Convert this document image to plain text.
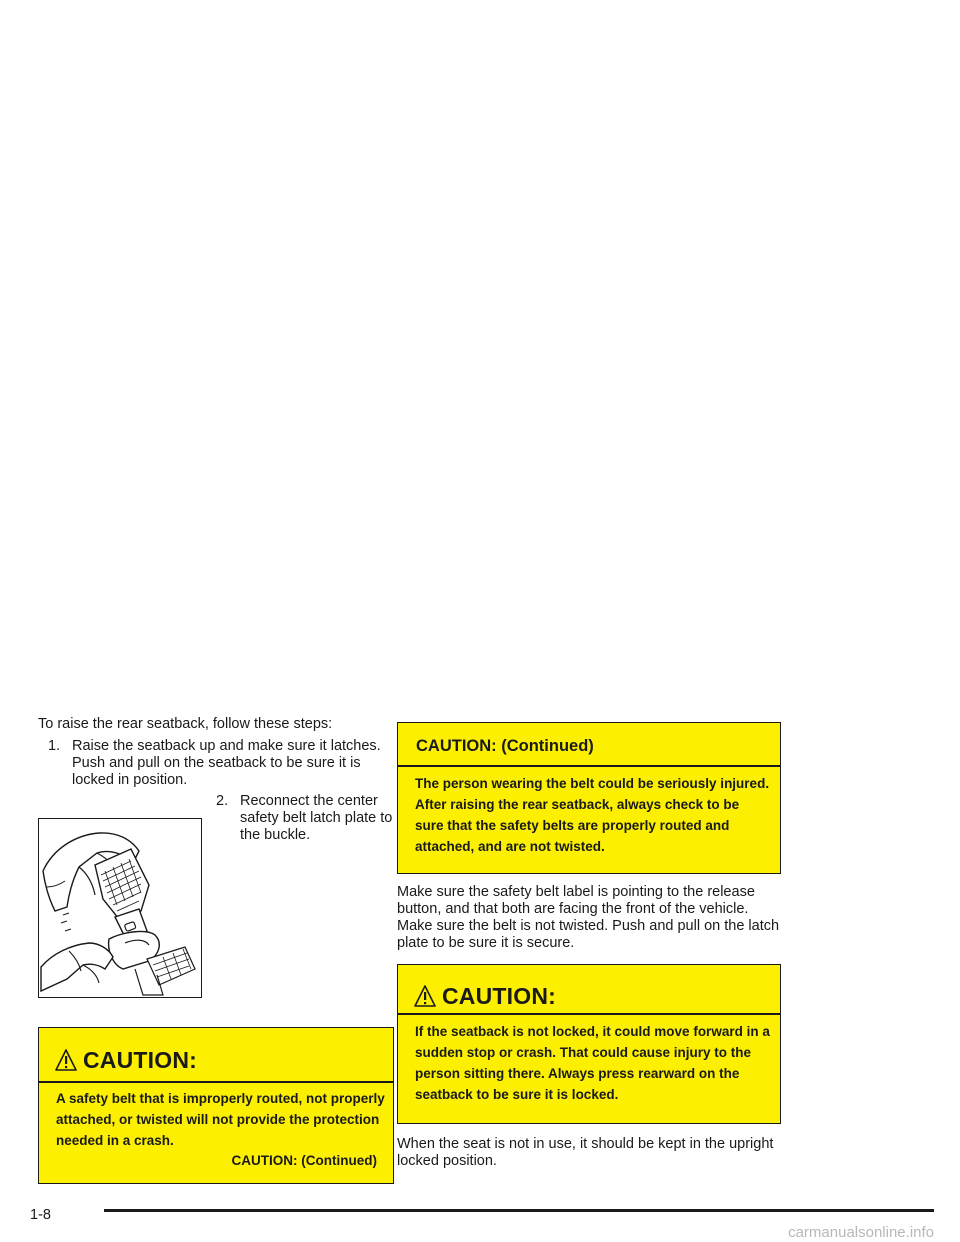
To raise the rear seatback, follow these steps:
1. Raise the seatback up and make sure it latches. Push and pull on the seatback to be sure it is locked in position.
2. Reconnect the center safety belt latch plate to the buckle.
CAUTION:
A safety belt that is improperly routed, not properly attached, or twisted will not provide the protection needed in a crash.
CAUTION: (Continued)
CAUTION: (Continued)
The person wearing the belt could be seriously injured. After raising the rear seatback, always check to be sure that the safety belts are properly routed and attached, and are not twisted.
Make sure the safety belt label is pointing to the release button, and that both are facing the front of the vehicle. Make sure the belt is not twisted. Push and pull on the latch plate to be sure it is secure.
CAUTION:
If the seatback is not locked, it could move forward in a sudden stop or crash. That could cause injury to the person sitting there. Always press rearward on the seatback to be sure it is locked.
When the seat is not in use, it should be kept in the upright locked position.
1-8
carmanualsonline.info
